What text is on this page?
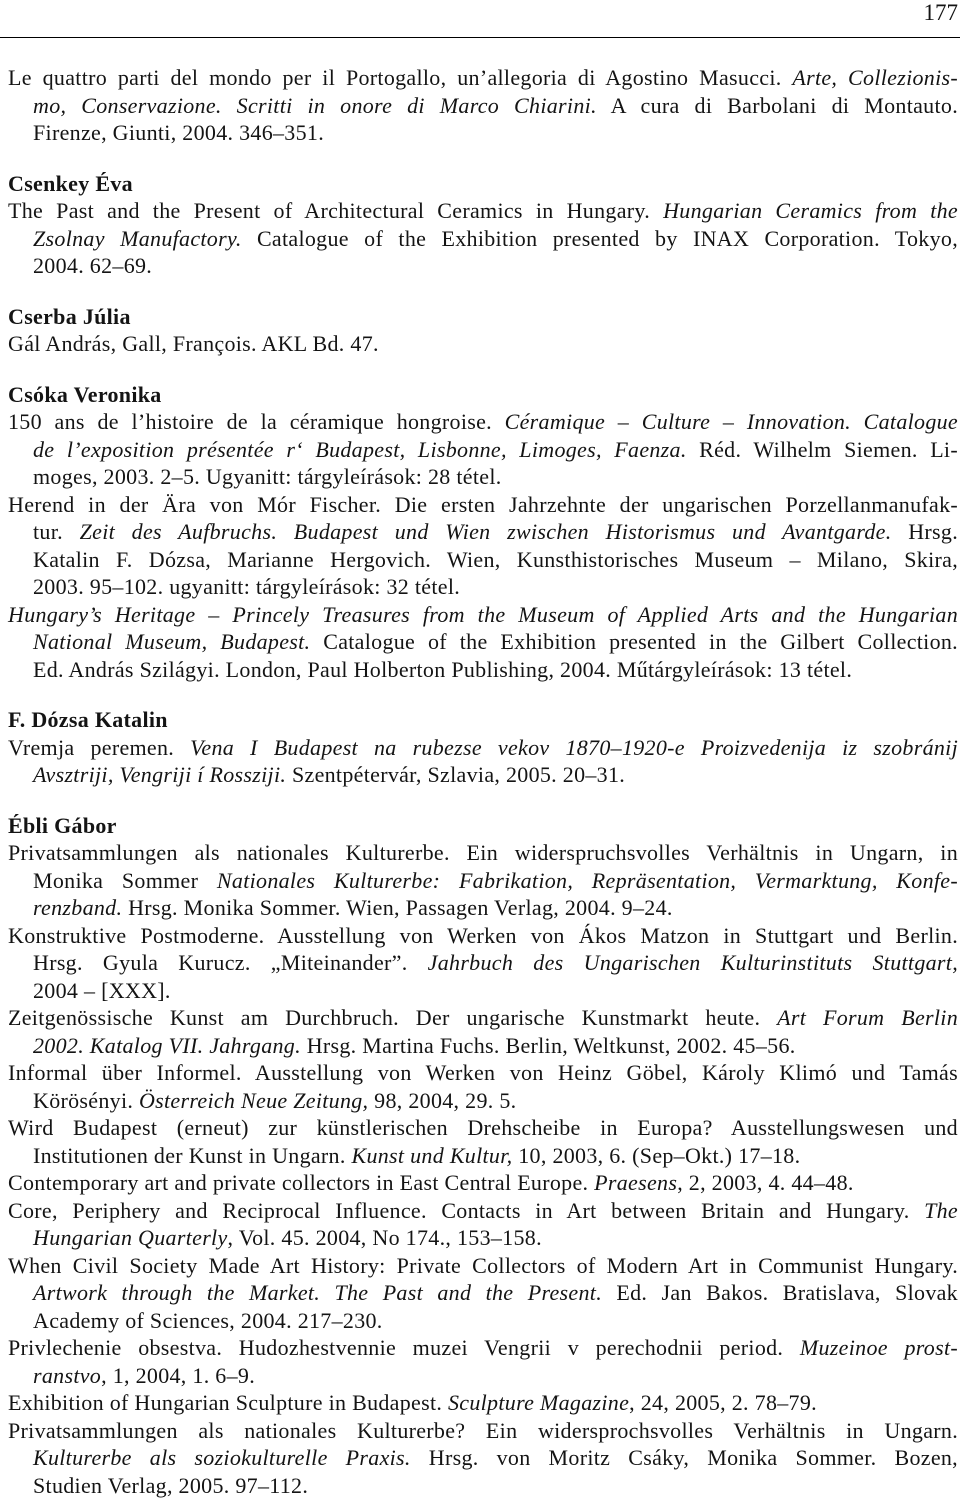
177
Le quattro parti del mondo per il Portogallo, un’allegoria di Agostino Masucci. Arte, Collezionis-
mo, Conservazione. Scritti in onore di Marco Chiarini. A cura di Barbolani di Montauto.
Firenze, Giunti, 2004. 346–351.
Csenkey Éva
The Past and the Present of Architectural Ceramics in Hungary. Hungarian Ceramics from the
Zsolnay Manufactory. Catalogue of the Exhibition presented by INAX Corporation. Tokyo,
2004. 62–69.
Cserba Júlia
Gál András, Gall, François. AKL Bd. 47.
Csóka Veronika
150 ans de l’histoire de la céramique hongroise. Céramique – Culture – Innovation. Catalogue
de l’exposition présentée r‘ Budapest, Lisbonne, Limoges, Faenza. Réd. Wilhelm Siemen. Li-
moges, 2003. 2–5. Ugyanitt: tárgyleírások: 28 tétel.
Herend in der Ära von Mór Fischer. Die ersten Jahrzehnte der ungarischen Porzellanmanufak-
tur. Zeit des Aufbruchs. Budapest und Wien zwischen Historismus und Avantgarde. Hrsg.
Katalin F. Dózsa, Marianne Hergovich. Wien, Kunsthistorisches Museum – Milano, Skira,
2003. 95–102. ugyanitt: tárgyleírások: 32 tétel.
Hungary’s Heritage – Princely Treasures from the Museum of Applied Arts and the Hungarian
National Museum, Budapest. Catalogue of the Exhibition presented in the Gilbert Collection.
Ed. András Szilágyi. London, Paul Holberton Publishing, 2004. Műtárgyleírások: 13 tétel.
F. Dózsa Katalin
Vremja peremen. Vena I Budapest na rubezse vekov 1870–1920-e Proizvedenija iz szobránij
Avsztriji, Vengriji í Rossziji. Szentpétervár, Szlavia, 2005. 20–31.
Ébli Gábor
Privatsammlungen als nationales Kulturerbe. Ein widerspruchsvolles Verhältnis in Ungarn, in
Monika Sommer Nationales Kulturerbe: Fabrikation, Repräsentation, Vermarktung, Konfe-
renzband. Hrsg. Monika Sommer. Wien, Passagen Verlag, 2004. 9–24.
Konstruktive Postmoderne. Ausstellung von Werken von Ákos Matzon in Stuttgart und Berlin.
Hrsg. Gyula Kurucz. „Miteinander”. Jahrbuch des Ungarischen Kulturinstituts Stuttgart,
2004 – [XXX].
Zeitgenössische Kunst am Durchbruch. Der ungarische Kunstmarkt heute. Art Forum Berlin
2002. Katalog VII. Jahrgang. Hrsg. Martina Fuchs. Berlin, Weltkunst, 2002. 45–56.
Informal über Informel. Ausstellung von Werken von Heinz Göbel, Károly Klimó und Tamás
Körösényi. Österreich Neue Zeitung, 98, 2004, 29. 5.
Wird Budapest (erneut) zur künstlerischen Drehscheibe in Europa? Ausstellungswesen und
Institutionen der Kunst in Ungarn. Kunst und Kultur, 10, 2003, 6. (Sep–Okt.) 17–18.
Contemporary art and private collectors in East Central Europe. Praesens, 2, 2003, 4. 44–48.
Core, Periphery and Reciprocal Influence. Contacts in Art between Britain and Hungary. The
Hungarian Quarterly, Vol. 45. 2004, No 174., 153–158.
When Civil Society Made Art History: Private Collectors of Modern Art in Communist Hungary.
Artwork through the Market. The Past and the Present. Ed. Jan Bakos. Bratislava, Slovak
Academy of Sciences, 2004. 217–230.
Privlechenie obsestva. Hudozhestvennie muzei Vengrii v perechodnii period. Muzeinoe prost-
ranstvo, 1, 2004, 1. 6–9.
Exhibition of Hungarian Sculpture in Budapest. Sculpture Magazine, 24, 2005, 2. 78–79.
Privatsammlungen als nationales Kulturerbe? Ein widersprochsvolles Verhältnis in Ungarn.
Kulturerbe als soziokulturelle Praxis. Hrsg. von Moritz Csáky, Monika Sommer. Bozen,
Studien Verlag, 2005. 97–112.
